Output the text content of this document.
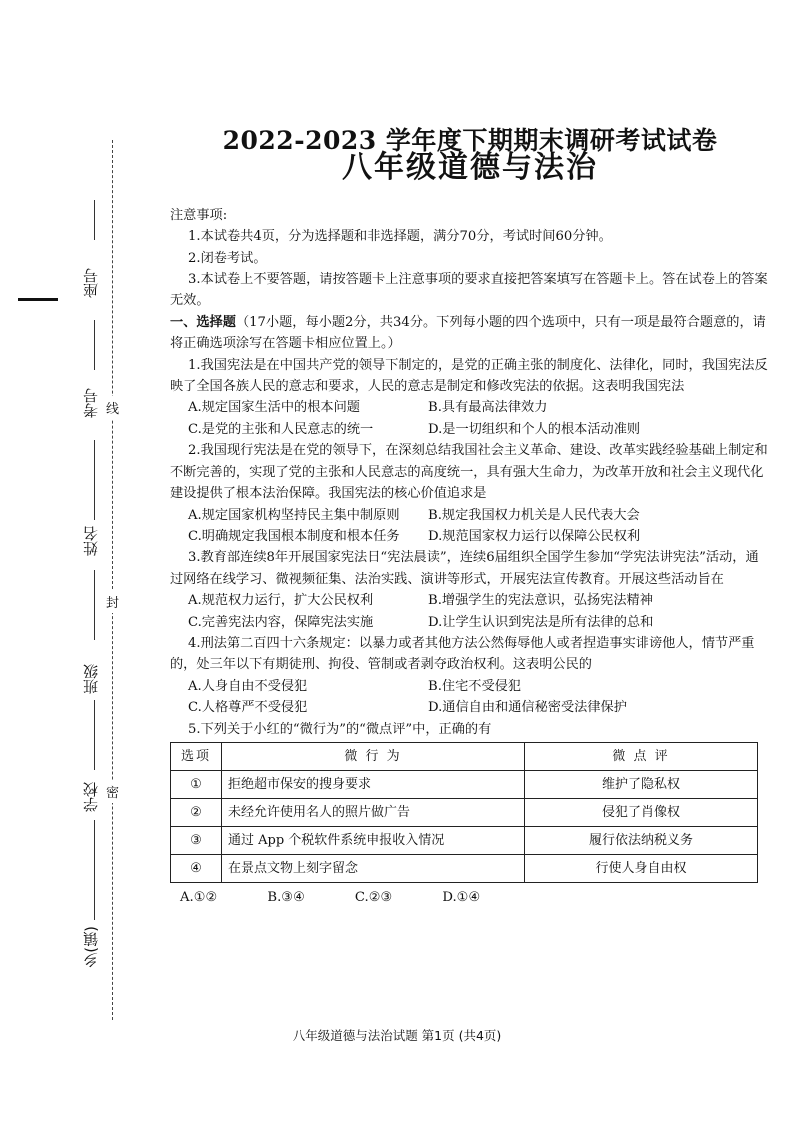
座号
考号
姓名
班级
学校
乡(镇)
线
封
密
2022-2023 学年度下期期末调研考试试卷
八年级道德与法治

注意事项:

1.本试卷共4页，分为选择题和非选择题，满分70分，考试时间60分钟。

2.闭卷考试。

3.本试卷上不要答题，请按答题卡上注意事项的要求直接把答案填写在答题卡上。答在试卷上的答案无效。

一、选择题（17小题，每小题2分，共34分。下列每小题的四个选项中，只有一项是最符合题意的，请将正确选项涂写在答题卡相应位置上。）

1.我国宪法是在中国共产党的领导下制定的，是党的正确主张的制度化、法律化，同时，我国宪法反映了全国各族人民的意志和要求，人民的意志是制定和修改宪法的依据。这表明我国宪法

A.规定国家生活中的根本问题	B.具有最高法律效力
C.是党的主张和人民意志的统一	D.是一切组织和个人的根本活动准则

2.我国现行宪法是在党的领导下，在深刻总结我国社会主义革命、建设、改革实践经验基础上制定和不断完善的，实现了党的主张和人民意志的高度统一，具有强大生命力，为改革开放和社会主义现代化建设提供了根本法治保障。我国宪法的核心价值追求是

A.规定国家机构坚持民主集中制原则	B.规定我国权力机关是人民代表大会
C.明确规定我国根本制度和根本任务	D.规范国家权力运行以保障公民权利

3.教育部连续8年开展国家宪法日“宪法晨读”，连续6届组织全国学生参加“学宪法讲宪法”活动，通过网络在线学习、微视频征集、法治实践、演讲等形式，开展宪法宣传教育。开展这些活动旨在

A.规范权力运行，扩大公民权利	B.增强学生的宪法意识，弘扬宪法精神
C.完善宪法内容，保障宪法实施	D.让学生认识到宪法是所有法律的总和

4.刑法第二百四十六条规定：以暴力或者其他方法公然侮辱他人或者捏造事实诽谤他人，情节严重的，处三年以下有期徒刑、拘役、管制或者剥夺政治权利。这表明公民的

A.人身自由不受侵犯	B.住宅不受侵犯
C.人格尊严不受侵犯	D.通信自由和通信秘密受法律保护

5.下列关于小红的“微行为”的“微点评”中，正确的有

选项	微 行 为	微 点 评
①	拒绝超市保安的搜身要求	维护了隐私权
②	未经允许使用名人的照片做广告	侵犯了肖像权
③	通过 App 个税软件系统申报收入情况	履行依法纳税义务
④	在景点文物上刻字留念	行使人身自由权
A.①②	B.③④	C.②③	D.①④
八年级道德与法治试题 第1页 (共4页)
